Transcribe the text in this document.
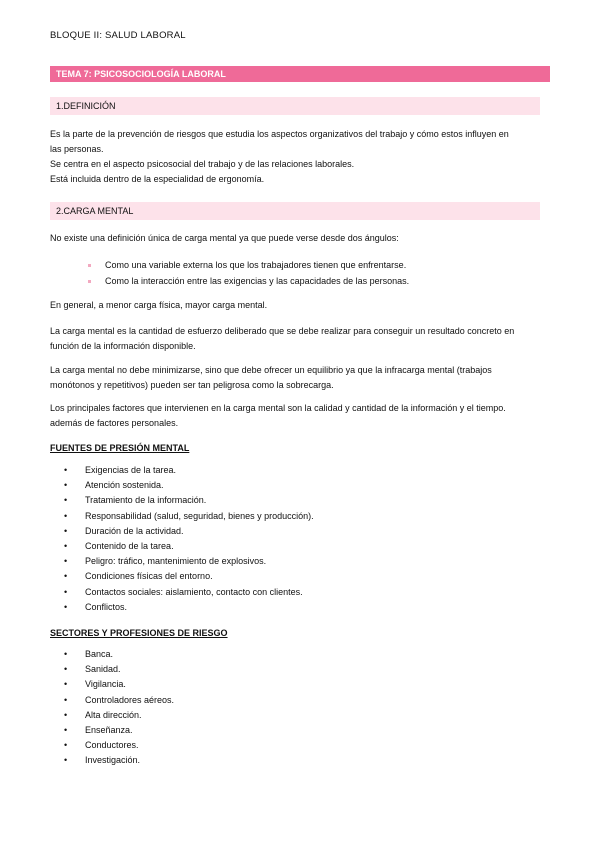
BLOQUE II: SALUD LABORAL
TEMA 7: PSICOSOCIOLOGÍA LABORAL
1.DEFINICIÓN
Es la parte de la prevención de riesgos que estudia los aspectos organizativos del trabajo y cómo estos influyen en
las personas.
Se centra en el aspecto psicosocial del trabajo y de las relaciones laborales.
Está incluida dentro de la especialidad de ergonomía.
2.CARGA MENTAL
No existe una definición única de carga mental ya que puede verse desde dos ángulos:
Como una variable externa los que los trabajadores tienen que enfrentarse.
Como la interacción entre las exigencias y las capacidades de las personas.
En general, a menor carga física, mayor carga mental.
La carga mental es la cantidad de esfuerzo deliberado que se debe realizar para conseguir un resultado concreto en
función de la información disponible.
La carga mental no debe minimizarse, sino que debe ofrecer un equilibrio ya que la infracarga mental (trabajos
monótonos y repetitivos) pueden ser tan peligrosa como la sobrecarga.
Los principales factores que intervienen en la carga mental son la calidad y cantidad de la información y el tiempo.
además de factores personales.
FUENTES DE PRESIÓN MENTAL
• Exigencias de la tarea.
• Atención sostenida.
• Tratamiento de la información.
• Responsabilidad (salud, seguridad, bienes y producción).
• Duración de la actividad.
• Contenido de la tarea.
• Peligro: tráfico, mantenimiento de explosivos.
• Condiciones físicas del entorno.
• Contactos sociales: aislamiento, contacto con clientes.
• Conflictos.
SECTORES Y PROFESIONES DE RIESGO
• Banca.
• Sanidad.
• Vigilancia.
• Controladores aéreos.
• Alta dirección.
• Enseñanza.
• Conductores.
• Investigación.
